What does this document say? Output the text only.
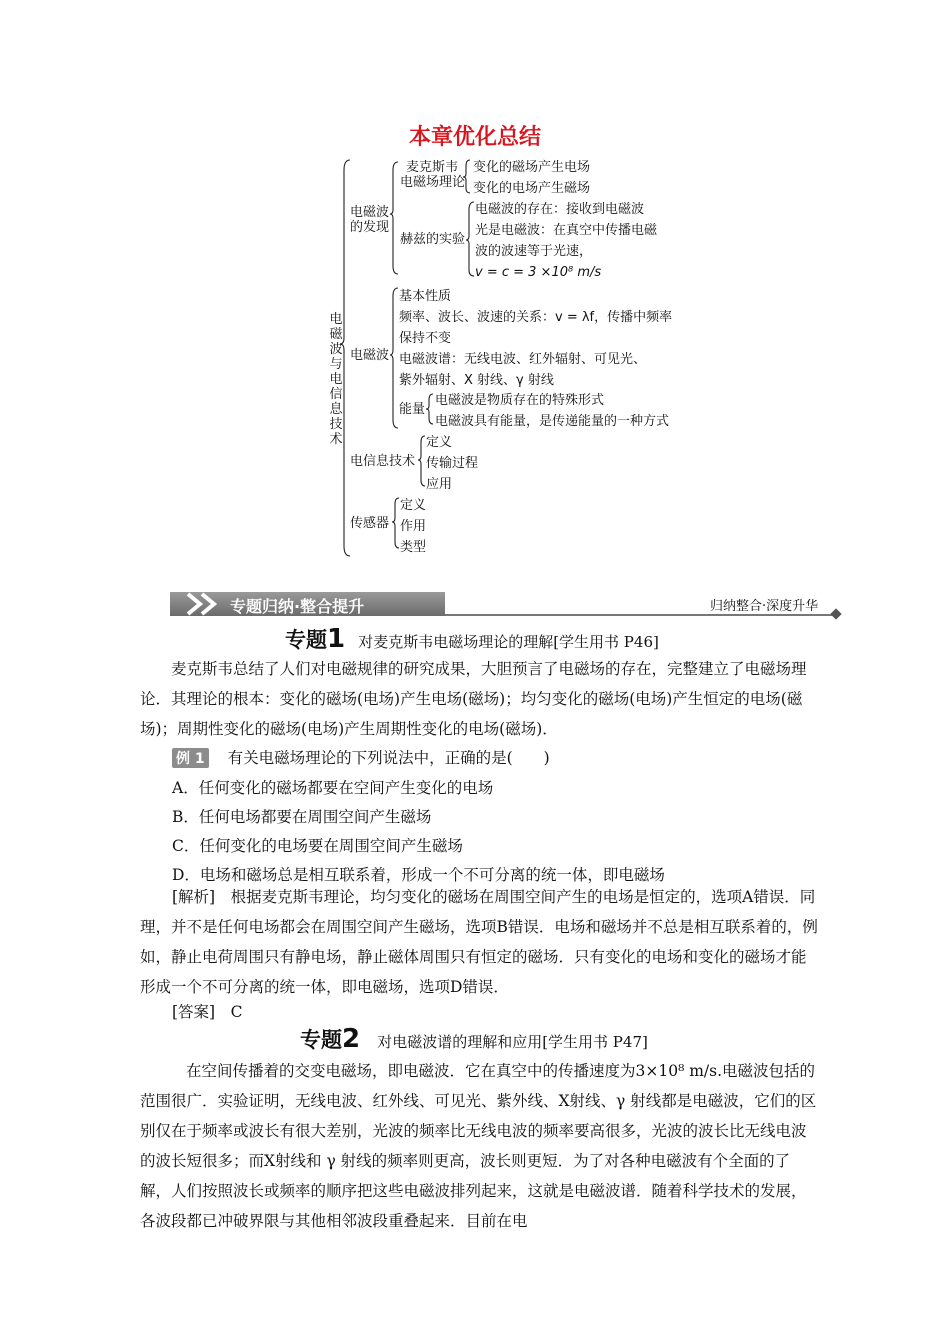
本章优化总结
电磁波与电信息技术
电磁波
的发现
麦克斯韦
电磁场理论
变化的磁场产生电场
变化的电场产生磁场
赫兹的实验
电磁波的存在：接收到电磁波
光是电磁波：在真空中传播电磁
波的波速等于光速，
v = c = 3 ×10⁸ m/s
电磁波
基本性质
频率、波长、波速的关系：v = λf，传播中频率
保持不变
电磁波谱：无线电波、红外辐射、可见光、
紫外辐射、X 射线、γ 射线
能量
电磁波是物质存在的特殊形式
电磁波具有能量，是传递能量的一种方式
电信息技术
定义
传输过程
应用
传感器
定义
作用
类型
专题归纳·整合提升	归纳整合·深度升华
专题1 对麦克斯韦电磁场理论的理解[学生用书 P46]
麦克斯韦总结了人们对电磁规律的研究成果，大胆预言了电磁场的存在，完整建立了电磁场理论．其理论的根本：变化的磁场(电场)产生电场(磁场)；均匀变化的磁场(电场)产生恒定的电场(磁场)；周期性变化的磁场(电场)产生周期性变化的电场(磁场)．
例 1 有关电磁场理论的下列说法中，正确的是(　　)
A．任何变化的磁场都要在空间产生变化的电场
B．任何电场都要在周围空间产生磁场
C．任何变化的电场要在周围空间产生磁场
D．电场和磁场总是相互联系着，形成一个不可分离的统一体，即电磁场
[解析]　根据麦克斯韦理论，均匀变化的磁场在周围空间产生的电场是恒定的，选项A错误．同理，并不是任何电场都会在周围空间产生磁场，选项B错误．电场和磁场并不总是相互联系着的，例如，静止电荷周围只有静电场，静止磁体周围只有恒定的磁场．只有变化的电场和变化的磁场才能形成一个不可分离的统一体，即电磁场，选项D错误．
[答案]　C
专题2 对电磁波谱的理解和应用[学生用书 P47]
在空间传播着的交变电磁场，即电磁波．它在真空中的传播速度为3×10⁸ m/s.电磁波包括的范围很广．实验证明，无线电波、红外线、可见光、紫外线、X射线、γ 射线都是电磁波，它们的区别仅在于频率或波长有很大差别，光波的频率比无线电波的频率要高很多，光波的波长比无线电波的波长短很多；而X射线和 γ 射线的频率则更高，波长则更短．为了对各种电磁波有个全面的了解，人们按照波长或频率的顺序把这些电磁波排列起来，这就是电磁波谱．随着科学技术的发展，各波段都已冲破界限与其他相邻波段重叠起来．目前在电
